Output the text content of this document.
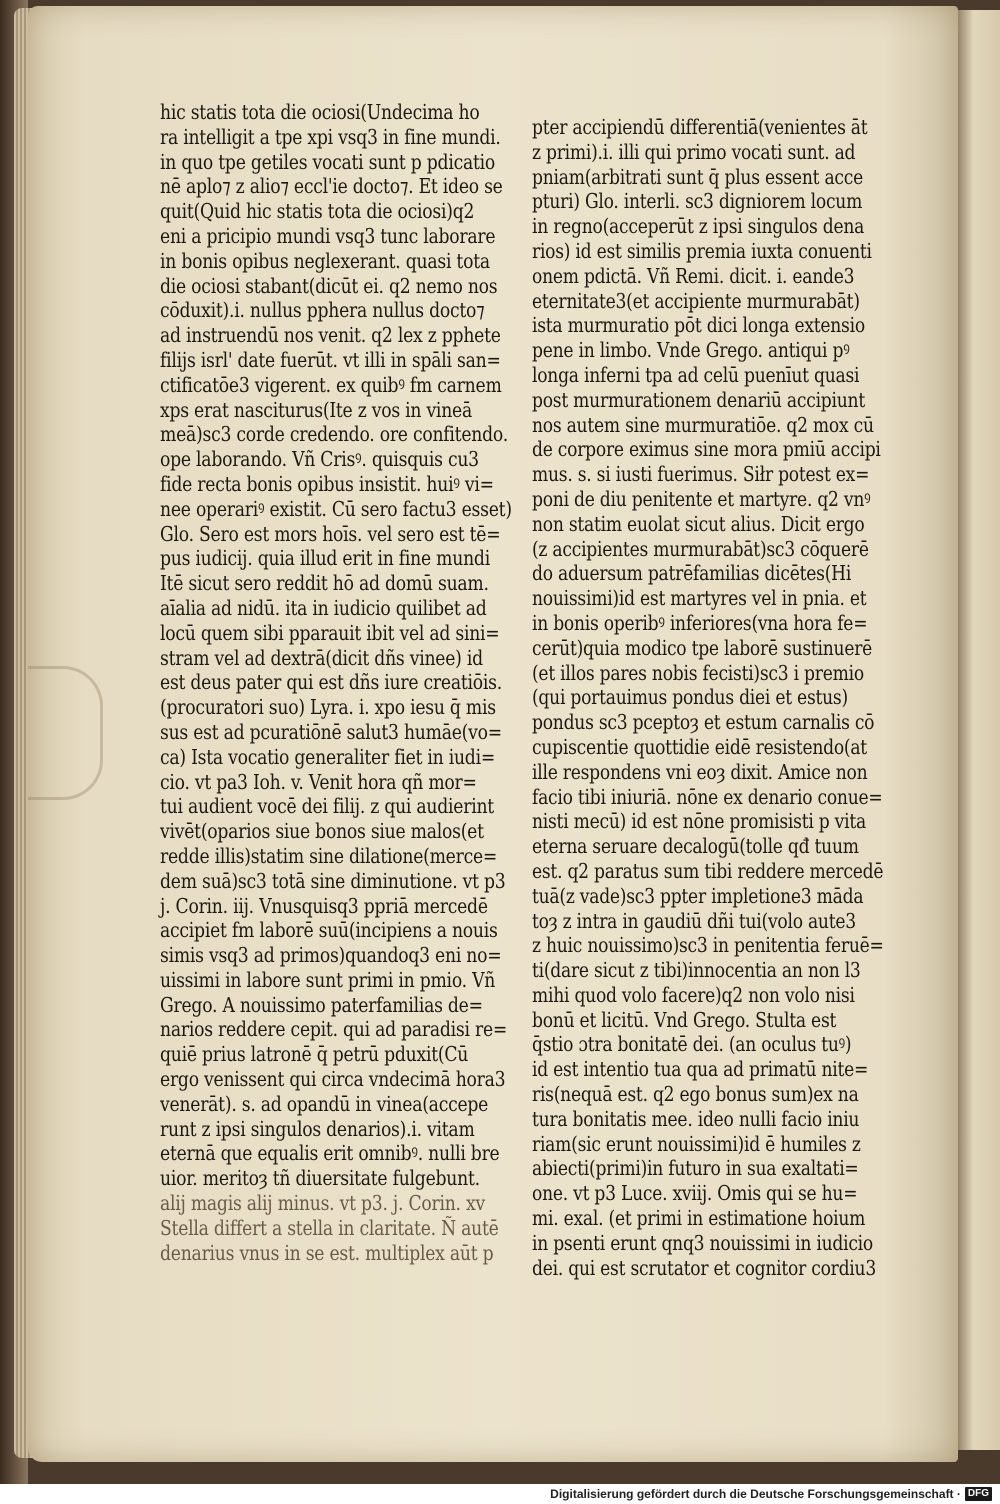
hic statis tota die ociosi(Undecima ho
ra intelligit a tpe xpi vsq3 in fine mundi.
in quo tpe getiles vocati sunt p pdicatio
nē aplo⁊ z alio⁊ eccl'ie docto⁊. Et ideo se
quit(Quid hic statis tota die ociosi)q2
eni a pricipio mundi vsq3 tunc laborare
in bonis opibus neglexerant. quasi tota
die ociosi stabant(dicūt ei. q2 nemo nos
cōduxit).i. nullus pphera nullus docto⁊
ad instruendū nos venit. q2 lex z pphete
filijs isrl' date fuerūt. vt illi in spāli san=
ctificatōe3 vigerent. ex quibꝰ fm carnem
xps erat nasciturus(Ite z vos in vineā
meā)sc3 corde credendo. ore confitendo.
ope laborando. Vñ Crisꝰ. quisquis cu3
fide recta bonis opibus insistit. huiꝰ vi=
nee operariꝰ existit. Cū sero factu3 esset)
Glo. Sero est mors hoīs. vel sero est tē=
pus iudicij. quia illud erit in fine mundi
Itē sicut sero reddit hō ad domū suam.
aīalia ad nidū. ita in iudicio quilibet ad
locū quem sibi pparauit ibit vel ad sini=
stram vel ad dextrā(dicit dñs vinee) id
est deus pater qui est dñs iure creatiōis.
(procuratori suo) Lyra. i. xpo iesu q̄ mis
sus est ad pcuratiōnē salut3 humāe(vo=
ca) Ista vocatio generaliter fiet in iudi=
cio. vt pa3 Ioh. v. Venit hora qñ mor=
tui audient vocē dei filij. z qui audierint
vivēt(oparios siue bonos siue malos(et
redde illis)statim sine dilatione(merce=
dem suā)sc3 totā sine diminutione. vt p3
j. Corin. iij. Vnusquisq3 ppriā mercedē
accipiet fm laborē suū(incipiens a nouis
simis vsq3 ad primos)quandoq3 eni no=
uissimi in labore sunt primi in pmio. Vñ
Grego. A nouissimo paterfamilias de=
narios reddere cepit. qui ad paradisi re=
quiē prius latronē q̄ petrū pduxit(Cū
ergo venissent qui circa vndecimā hora3
venerāt). s. ad opandū in vinea(accepe
runt z ipsi singulos denarios).i. vitam
eternā que equalis erit omnibꝰ. nulli bre
uior. meritoȝ tñ diuersitate fulgebunt.
alij magis alij minus. vt p3. j. Corin. xv
Stella differt a stella in claritate. Ñ autē
denarius vnus in se est. multiplex aūt p
pter accipiendū differentiā(venientes āt
z primi).i. illi qui primo vocati sunt. ad
pniam(arbitrati sunt q̄ plus essent acce
pturi) Glo. interli. sc3 digniorem locum
in regno(acceperūt z ipsi singulos dena
rios) id est similis premia iuxta conuenti
onem pdictā. Vñ Remi. dicit. i. eande3
eternitate3(et accipiente murmurabāt)
ista murmuratio pōt dici longa extensio
pene in limbo. Vnde Grego. antiqui pꝰ
longa inferni tpa ad celū puenīut quasi
post murmurationem denariū accipiunt
nos autem sine murmuratiōe. q2 mox cū
de corpore eximus sine mora pmiū accipi
mus. s. si iusti fuerimus. Siłr potest ex=
poni de diu penitente et martyre. q2 vnꝰ
non statim euolat sicut alius. Dicit ergo
(z accipientes murmurabāt)sc3 cōquerē
do aduersum patrēfamilias dicētes(Hi
nouissimi)id est martyres vel in pnia. et
in bonis operibꝰ inferiores(vna hora fe=
cerūt)quia modico tpe laborē sustinuerē
(et illos pares nobis fecisti)sc3 i premio
(qui portauimus pondus diei et estus)
pondus sc3 pceptoȝ et estum carnalis cō
cupiscentie quottidie eidē resistendo(at
ille respondens vni eoȝ dixit. Amice non
facio tibi iniuriā. nōne ex denario conue=
nisti mecū) id est nōne promisisti p vita
eterna seruare decalogū(tolle qđ tuum
est. q2 paratus sum tibi reddere mercedē
tuā(z vade)sc3 ppter impletione3 māda
toȝ z intra in gaudiū dñi tui(volo aute3
z huic nouissimo)sc3 in penitentia feruē=
ti(dare sicut z tibi)innocentia an non l3
mihi quod volo facere)q2 non volo nisi
bonū et licitū. Vnd Grego. Stulta est
q̄stio ɔtra bonitatē dei. (an oculus tuꝰ)
id est intentio tua qua ad primatū nite=
ris(nequā est. q2 ego bonus sum)ex na
tura bonitatis mee. ideo nulli facio iniu
riam(sic erunt nouissimi)id ē humiles z
abiecti(primi)in futuro in sua exaltati=
one. vt p3 Luce. xviij. Omis qui se hu=
mi. exal. (et primi in estimatione hoium
in psenti erunt qnq3 nouissimi in iudicio
dei. qui est scrutator et cognitor cordiu3
Digitalisierung gefördert durch die Deutsche Forschungsgemeinschaft · DFG
